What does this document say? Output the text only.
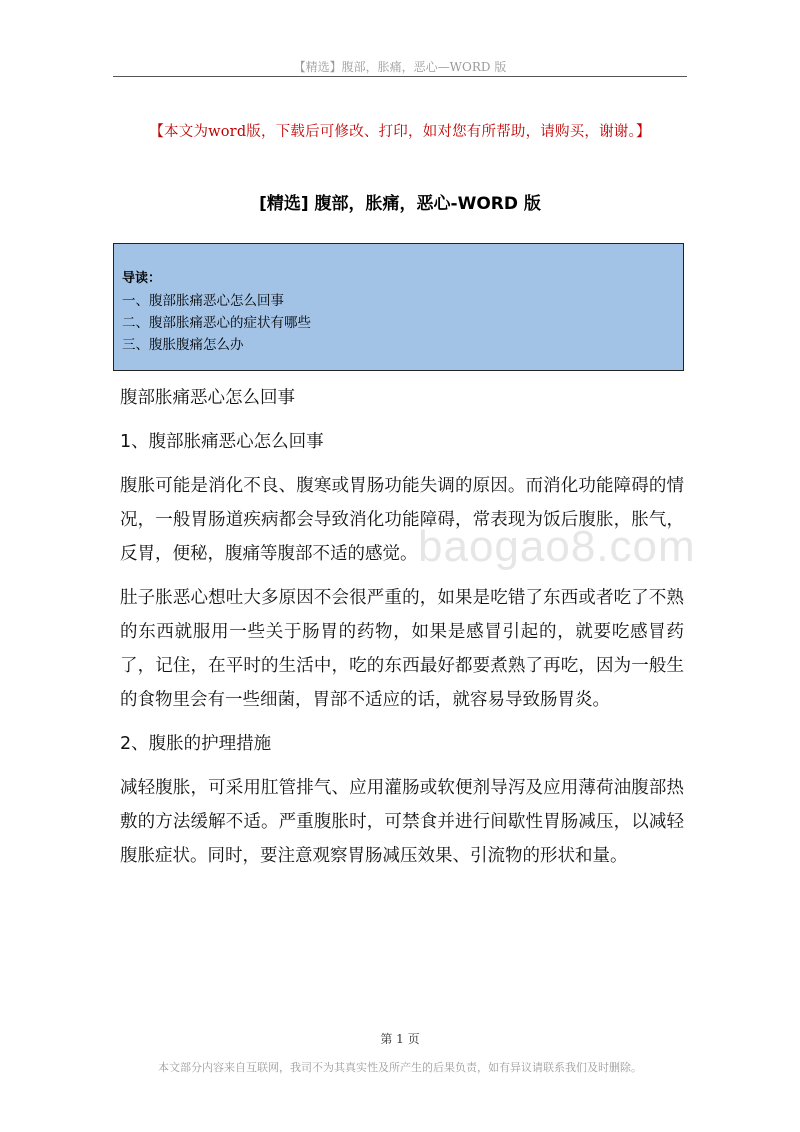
【精选】腹部，胀痛，恶心—WORD 版
【本文为word版，下载后可修改、打印，如对您有所帮助，请购买，谢谢。】
[精选] 腹部，胀痛，恶心-WORD 版
导读：
一、腹部胀痛恶心怎么回事
二、腹部胀痛恶心的症状有哪些
三、腹胀腹痛怎么办

腹部胀痛恶心怎么回事

1、腹部胀痛恶心怎么回事

腹胀可能是消化不良、腹寒或胃肠功能失调的原因。而消化功能障碍的情况，一般胃肠道疾病都会导致消化功能障碍，常表现为饭后腹胀，胀气，反胃，便秘，腹痛等腹部不适的感觉。

肚子胀恶心想吐大多原因不会很严重的，如果是吃错了东西或者吃了不熟的东西就服用一些关于肠胃的药物，如果是感冒引起的，就要吃感冒药了，记住，在平时的生活中，吃的东西最好都要煮熟了再吃，因为一般生的食物里会有一些细菌，胃部不适应的话，就容易导致肠胃炎。

2、腹胀的护理措施

减轻腹胀，可采用肛管排气、应用灌肠或软便剂导泻及应用薄荷油腹部热敷的方法缓解不适。严重腹胀时，可禁食并进行间歇性胃肠减压，以减轻腹胀症状。同时，要注意观察胃肠减压效果、引流物的形状和量。

baogao8.com
第 1 页
本文部分内容来自互联网，我司不为其真实性及所产生的后果负责，如有异议请联系我们及时删除。
